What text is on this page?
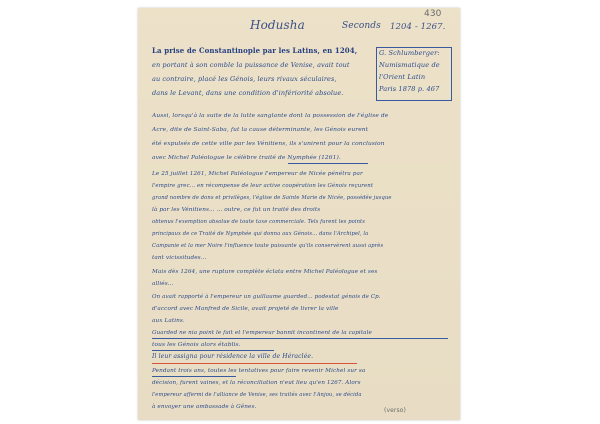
430
Hodusha	Seconds 1204 - 1267.
G. Schlumberger:
Numismatique de
l'Orient Latin
Paris 1878 p. 467
La prise de Constantinople par les Latins, en 1204,
en portant à son comble la puissance de Venise, avait tout
au contraire, placé les Génois, leurs rivaux séculaires,
dans le Levant, dans une condition d'infériorité absolue.
Aussi, lorsqu'à la suite de la lutte sanglante dont la possession de l'église de
Acre, dite de Saint-Saba, fut la cause déterminante, les Génois eurent
été expulsés de cette ville par les Vénitiens, ils s'unirent pour la conclusion
avec Michel Paléologue le célèbre traité de Nymphée (1261).
Le 25 juillet 1261, Michel Paléologue l'empereur de Nicée pénétra par
l'empire grec... en récompense de leur active coopération les Génois reçurent
grand nombre de dons et privilèges, l'église de Sainte Marie de Nicée, possédée jusque
là par les Vénitiens... ... outre, ce fut un traité des droits
obtenus l'exemption absolue de toute taxe commerciale. Tels furent les points
principaux de ce Traité de Nymphée qui donna aux Génois... dans l'Archipel, la
Campanie et la mer Noire l'influence toute puissante qu'ils conservèrent aussi après
tant vicissitudes...
Mais dès 1264, une rupture complète éclata entre Michel Paléologue et ses
alliés...
On avait rapporté à l'empereur un guillaume guarded... podestat génois de Cp.
d'accord avec Manfred de Sicile, avait projeté de livrer la ville
aux Latins.
Guarded ne nia point le fait et l'empereur bannit incontinent de la capitale
tous les Génois alors établis.
Il leur assigna pour résidence la ville de Héraclée.
Pendant trois ans, toutes les tentatives pour faire revenir Michel sur sa
décision, furent vaines, et la réconciliation n'eut lieu qu'en 1267. Alors
l'empereur affermi de l'alliance de Venise, ses traités avec l'Anjou, se décida
à envoyer une ambassade à Gênes.	(verso)
